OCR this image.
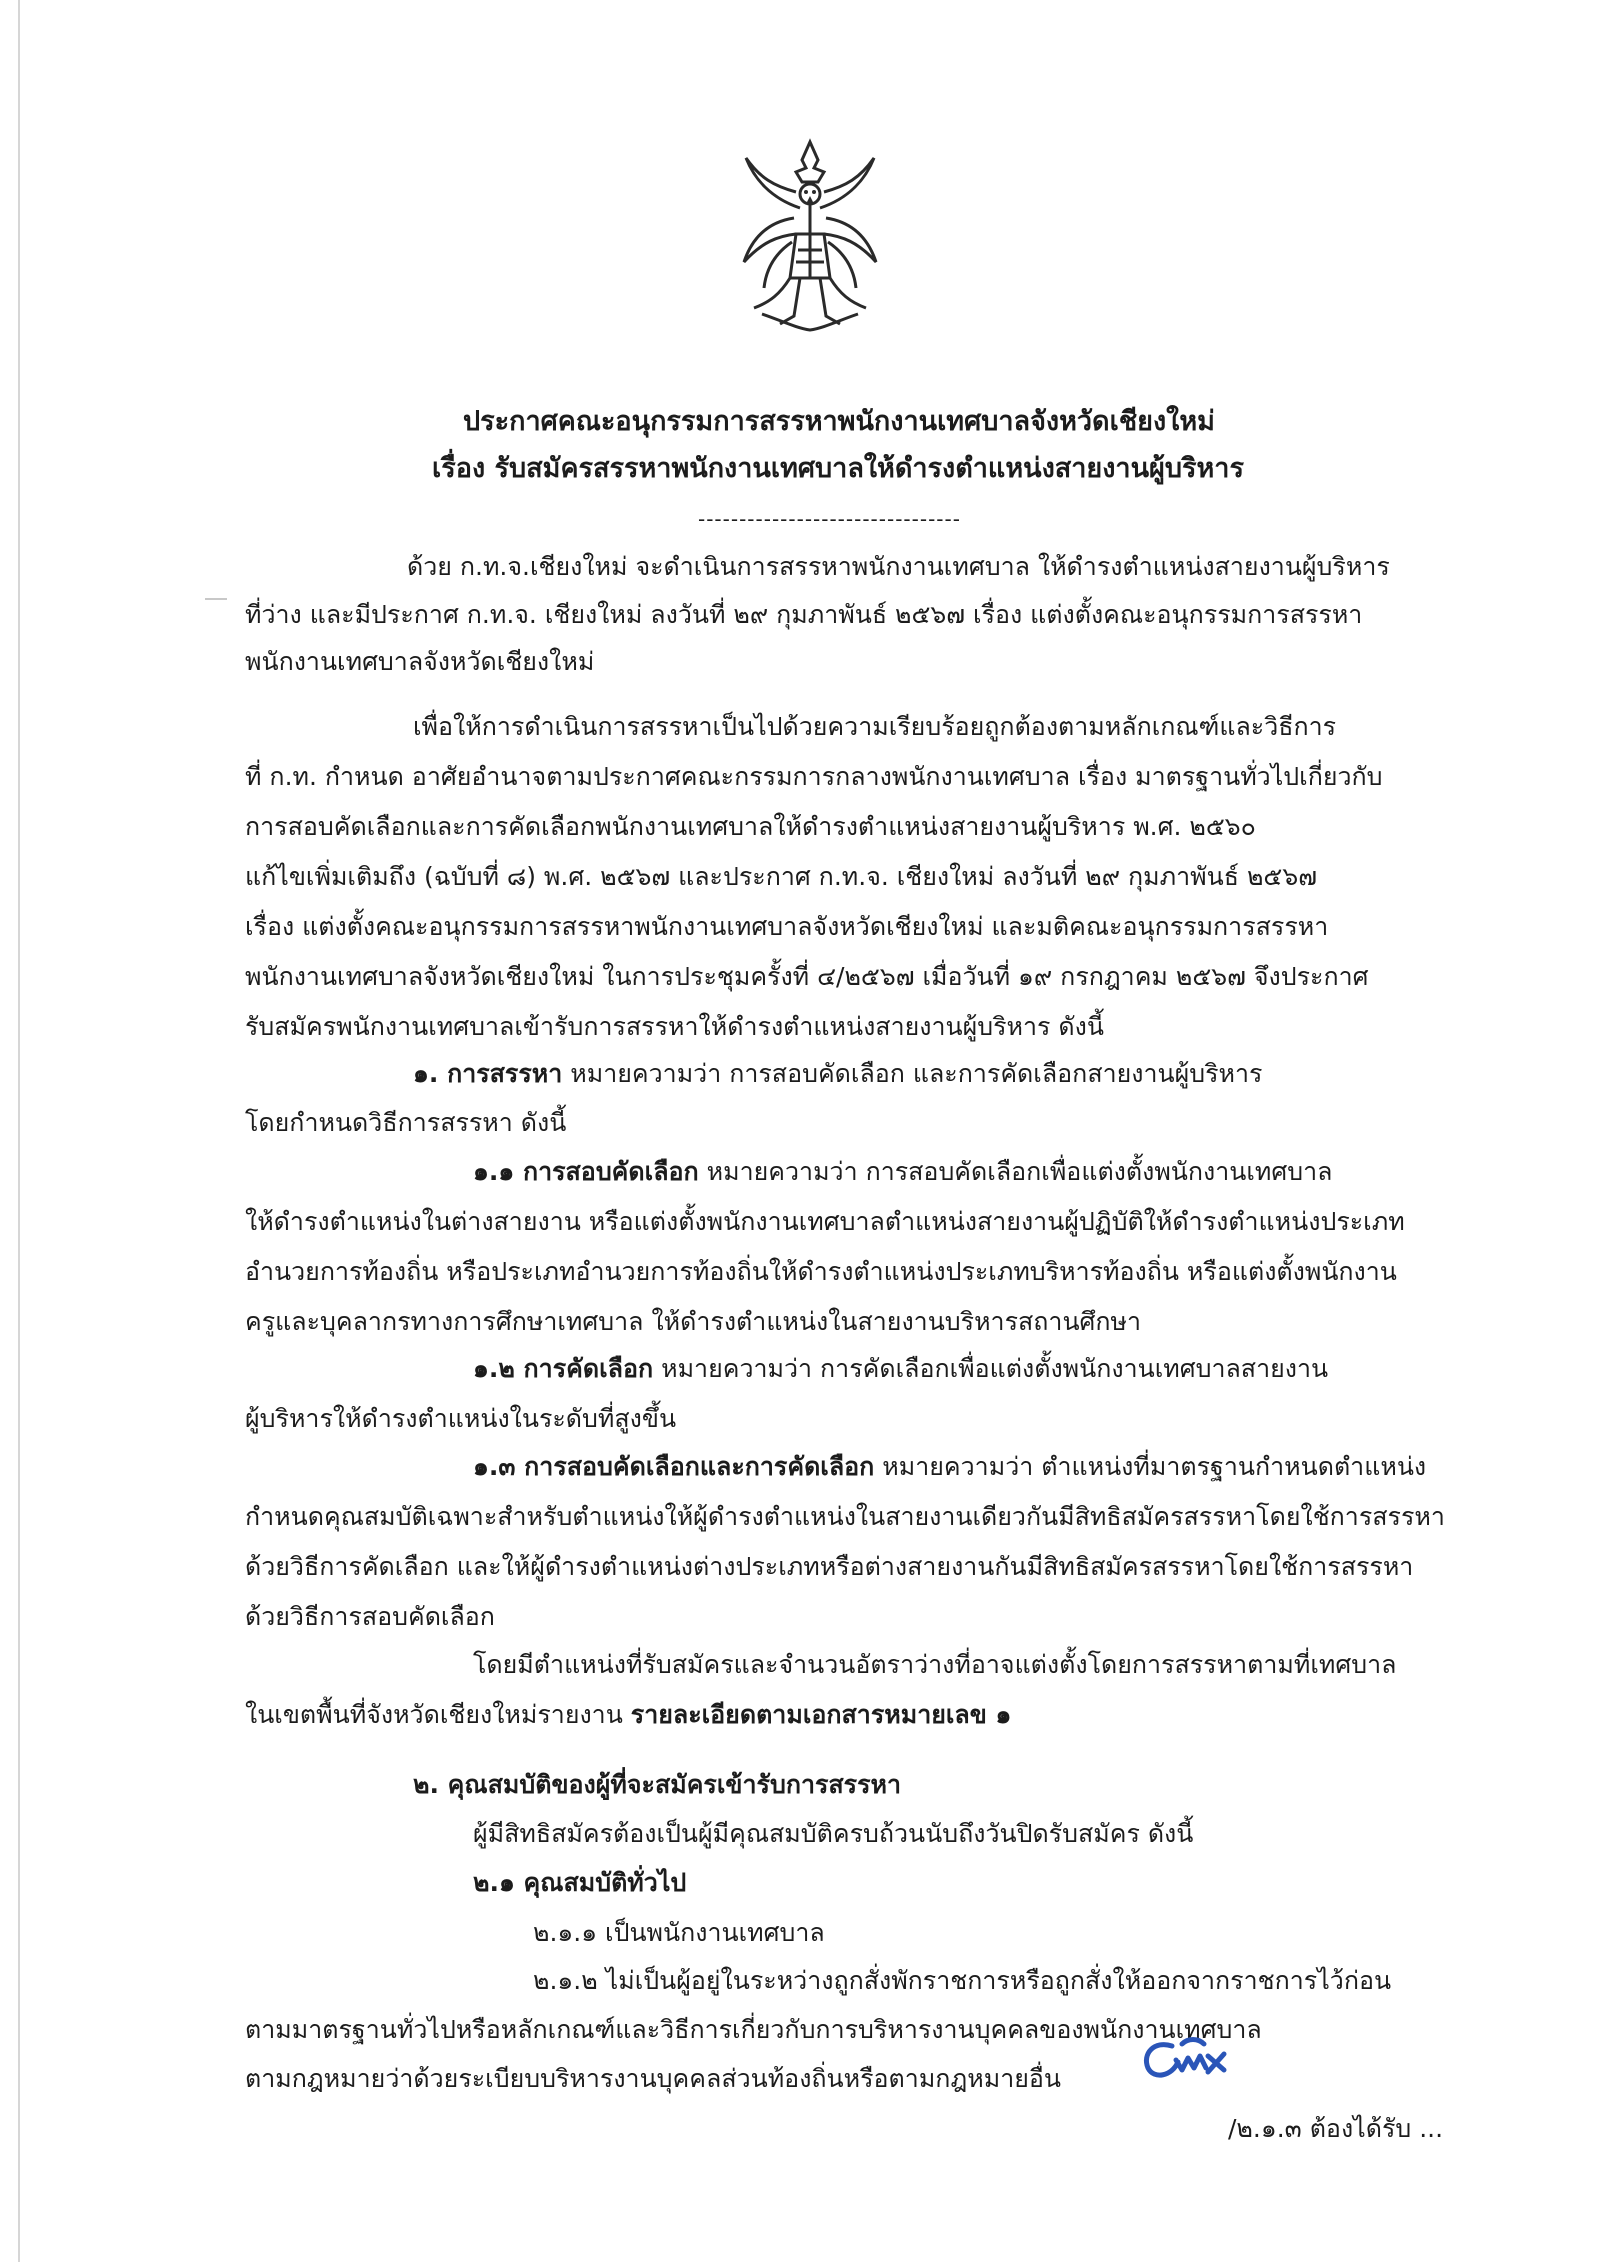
ประกาศคณะอนุกรรมการสรรหาพนักงานเทศบาลจังหวัดเชียงใหม่
เรื่อง รับสมัครสรรหาพนักงานเทศบาลให้ดำรงตำแหน่งสายงานผู้บริหาร
--------------------------------
ด้วย ก.ท.จ.เชียงใหม่ จะดำเนินการสรรหาพนักงานเทศบาล ให้ดำรงตำแหน่งสายงานผู้บริหาร
ที่ว่าง และมีประกาศ ก.ท.จ. เชียงใหม่ ลงวันที่ ๒๙ กุมภาพันธ์ ๒๕๖๗ เรื่อง แต่งตั้งคณะอนุกรรมการสรรหา
พนักงานเทศบาลจังหวัดเชียงใหม่
เพื่อให้การดำเนินการสรรหาเป็นไปด้วยความเรียบร้อยถูกต้องตามหลักเกณฑ์และวิธีการ
ที่ ก.ท. กำหนด อาศัยอำนาจตามประกาศคณะกรรมการกลางพนักงานเทศบาล เรื่อง มาตรฐานทั่วไปเกี่ยวกับ
การสอบคัดเลือกและการคัดเลือกพนักงานเทศบาลให้ดำรงตำแหน่งสายงานผู้บริหาร พ.ศ. ๒๕๖๐
แก้ไขเพิ่มเติมถึง (ฉบับที่ ๘) พ.ศ. ๒๕๖๗ และประกาศ ก.ท.จ. เชียงใหม่ ลงวันที่ ๒๙ กุมภาพันธ์ ๒๕๖๗
เรื่อง แต่งตั้งคณะอนุกรรมการสรรหาพนักงานเทศบาลจังหวัดเชียงใหม่ และมติคณะอนุกรรมการสรรหา
พนักงานเทศบาลจังหวัดเชียงใหม่ ในการประชุมครั้งที่ ๔/๒๕๖๗ เมื่อวันที่ ๑๙ กรกฎาคม ๒๕๖๗ จึงประกาศ
รับสมัครพนักงานเทศบาลเข้ารับการสรรหาให้ดำรงตำแหน่งสายงานผู้บริหาร ดังนี้
๑. การสรรหา หมายความว่า การสอบคัดเลือก และการคัดเลือกสายงานผู้บริหาร
โดยกำหนดวิธีการสรรหา ดังนี้
๑.๑ การสอบคัดเลือก หมายความว่า การสอบคัดเลือกเพื่อแต่งตั้งพนักงานเทศบาล
ให้ดำรงตำแหน่งในต่างสายงาน หรือแต่งตั้งพนักงานเทศบาลตำแหน่งสายงานผู้ปฏิบัติให้ดำรงตำแหน่งประเภท
อำนวยการท้องถิ่น หรือประเภทอำนวยการท้องถิ่นให้ดำรงตำแหน่งประเภทบริหารท้องถิ่น หรือแต่งตั้งพนักงาน
ครูและบุคลากรทางการศึกษาเทศบาล ให้ดำรงตำแหน่งในสายงานบริหารสถานศึกษา
๑.๒ การคัดเลือก หมายความว่า การคัดเลือกเพื่อแต่งตั้งพนักงานเทศบาลสายงาน
ผู้บริหารให้ดำรงตำแหน่งในระดับที่สูงขึ้น
๑.๓ การสอบคัดเลือกและการคัดเลือก หมายความว่า ตำแหน่งที่มาตรฐานกำหนดตำแหน่ง
กำหนดคุณสมบัติเฉพาะสำหรับตำแหน่งให้ผู้ดำรงตำแหน่งในสายงานเดียวกันมีสิทธิสมัครสรรหาโดยใช้การสรรหา
ด้วยวิธีการคัดเลือก และให้ผู้ดำรงตำแหน่งต่างประเภทหรือต่างสายงานกันมีสิทธิสมัครสรรหาโดยใช้การสรรหา
ด้วยวิธีการสอบคัดเลือก
โดยมีตำแหน่งที่รับสมัครและจำนวนอัตราว่างที่อาจแต่งตั้งโดยการสรรหาตามที่เทศบาล
ในเขตพื้นที่จังหวัดเชียงใหม่รายงาน รายละเอียดตามเอกสารหมายเลข ๑
๒. คุณสมบัติของผู้ที่จะสมัครเข้ารับการสรรหา
ผู้มีสิทธิสมัครต้องเป็นผู้มีคุณสมบัติครบถ้วนนับถึงวันปิดรับสมัคร ดังนี้
๒.๑ คุณสมบัติทั่วไป
๒.๑.๑ เป็นพนักงานเทศบาล
๒.๑.๒ ไม่เป็นผู้อยู่ในระหว่างถูกสั่งพักราชการหรือถูกสั่งให้ออกจากราชการไว้ก่อน
ตามมาตรฐานทั่วไปหรือหลักเกณฑ์และวิธีการเกี่ยวกับการบริหารงานบุคคลของพนักงานเทศบาล
ตามกฎหมายว่าด้วยระเบียบบริหารงานบุคคลส่วนท้องถิ่นหรือตามกฎหมายอื่น
/๒.๑.๓ ต้องได้รับ ...
